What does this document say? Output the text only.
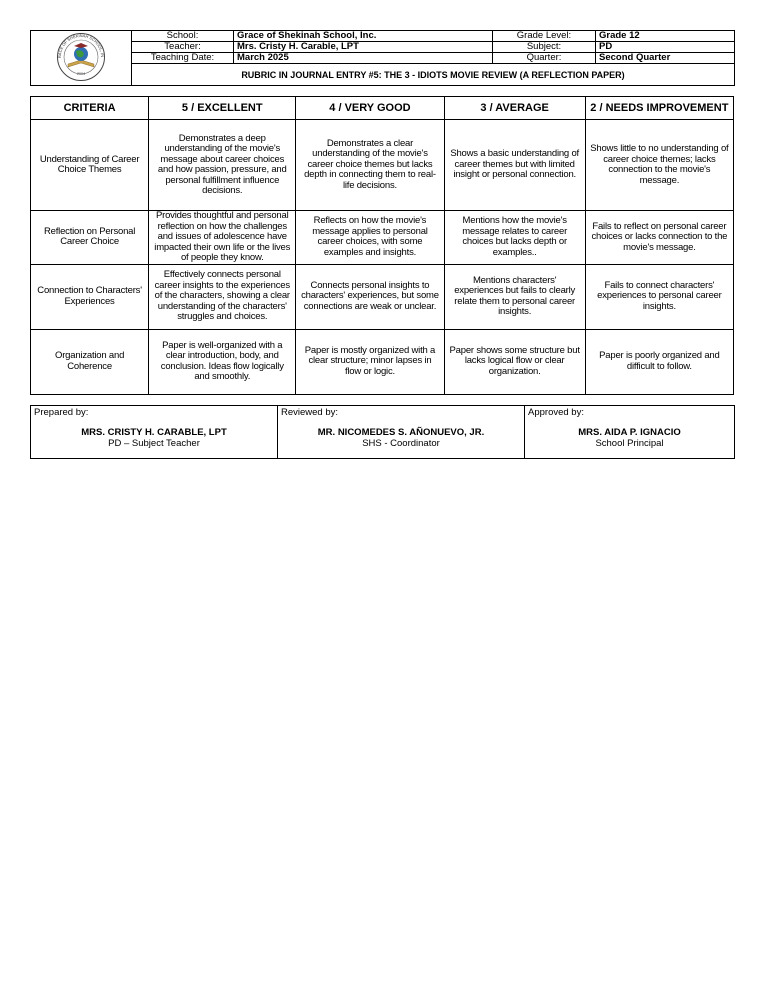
RACE OF SHEKINAH SCHOOL, IN
2004	School:	Grace of Shekinah School, Inc.	Grade Level:	Grade 12
	Teacher:	Mrs. Cristy H. Carable, LPT	Subject:	PD
	Teaching Date:	March 2025	Quarter:	Second Quarter
	RUBRIC IN JOURNAL ENTRY #5: THE 3 - IDIOTS MOVIE REVIEW (A REFLECTION PAPER)			
CRITERIA	5 / EXCELLENT	4 / VERY GOOD	3 / AVERAGE	2 / NEEDS IMPROVEMENT
Understanding of Career Choice Themes	Demonstrates a deep understanding of the movie's message about career choices and how passion, pressure, and personal fulfillment influence decisions.	Demonstrates a clear understanding of the movie's career choice themes but lacks depth in connecting them to real-life decisions.	Shows a basic understanding of career themes but with limited insight or personal connection.	Shows little to no understanding of career choice themes; lacks connection to the movie's message.
Reflection on Personal Career Choice	Provides thoughtful and personal reflection on how the challenges and issues of adolescence have impacted their own life or the lives of people they know.	Reflects on how the movie's message applies to personal career choices, with some examples and insights.	Mentions how the movie's message relates to career choices but lacks depth or examples..	Fails to reflect on personal career choices or lacks connection to the movie's message.
Connection to Characters' Experiences	Effectively connects personal career insights to the experiences of the characters, showing a clear understanding of the characters' struggles and choices.	Connects personal insights to characters' experiences, but some connections are weak or unclear.	Mentions characters' experiences but fails to clearly relate them to personal career insights.	Fails to connect characters' experiences to personal career insights.
Organization and Coherence	Paper is well-organized with a clear introduction, body, and conclusion. Ideas flow logically and smoothly.	Paper is mostly organized with a clear structure; minor lapses in flow or logic.	Paper shows some structure but lacks logical flow or clear organization.	Paper is poorly organized and difficult to follow.
Prepared by:
MRS. CRISTY H. CARABLE, LPT
PD – Subject Teacher

Reviewed by:
MR. NICOMEDES S. AÑONUEVO, JR.
SHS - Coordinator

Approved by:
MRS. AIDA P. IGNACIO
School Principal
